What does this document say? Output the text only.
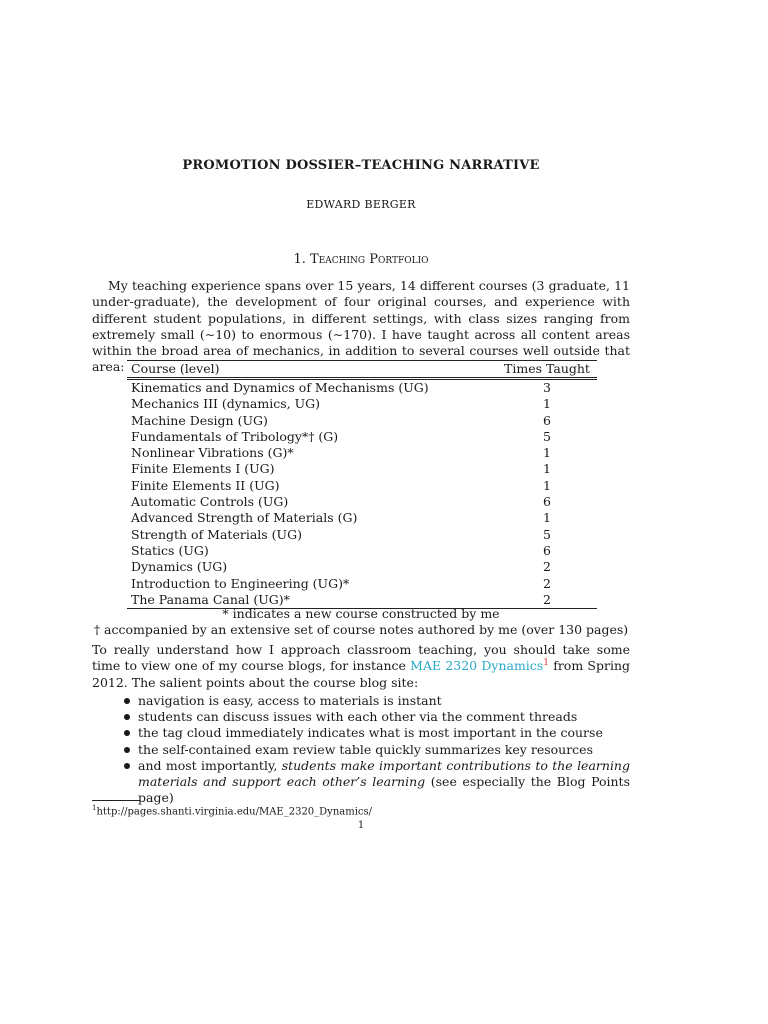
PROMOTION DOSSIER–TEACHING NARRATIVE
EDWARD BERGER
1. Teaching Portfolio
My teaching experience spans over 15 years, 14 different courses (3 graduate, 11 under-graduate), the development of four original courses, and experience with different student populations, in different settings, with class sizes ranging from extremely small (∼10) to enormous (∼170). I have taught across all content areas within the broad area of mechanics, in addition to several courses well outside that area: Course (level)	Times Taught
Kinematics and Dynamics of Mechanisms (UG)	3
Mechanics III (dynamics, UG)	1
Machine Design (UG)	6
Fundamentals of Tribology*† (G)	5
Nonlinear Vibrations (G)*	1
Finite Elements I (UG)	1
Finite Elements II (UG)	1
Automatic Controls (UG)	6
Advanced Strength of Materials (G)	1
Strength of Materials (UG)	5
Statics (UG)	6
Dynamics (UG)	2
Introduction to Engineering (UG)*	2
The Panama Canal (UG)*	2
* indicates a new course constructed by me
† accompanied by an extensive set of course notes authored by me (over 130 pages)
To really understand how I approach classroom teaching, you should take some time to view one of my course blogs, for instance MAE 2320 Dynamics$^1$ from Spring 2012. The salient points about the course blog site:
navigation is easy, access to materials is instant
students can discuss issues with each other via the comment threads
the tag cloud immediately indicates what is most important in the course
the self-contained exam review table quickly summarizes key resources
and most importantly, students make important contributions to the learning materials and support each other’s learning (see especially the Blog Points page)
$^1$http://pages.shanti.virginia.edu/MAE_2320_Dynamics/
1
